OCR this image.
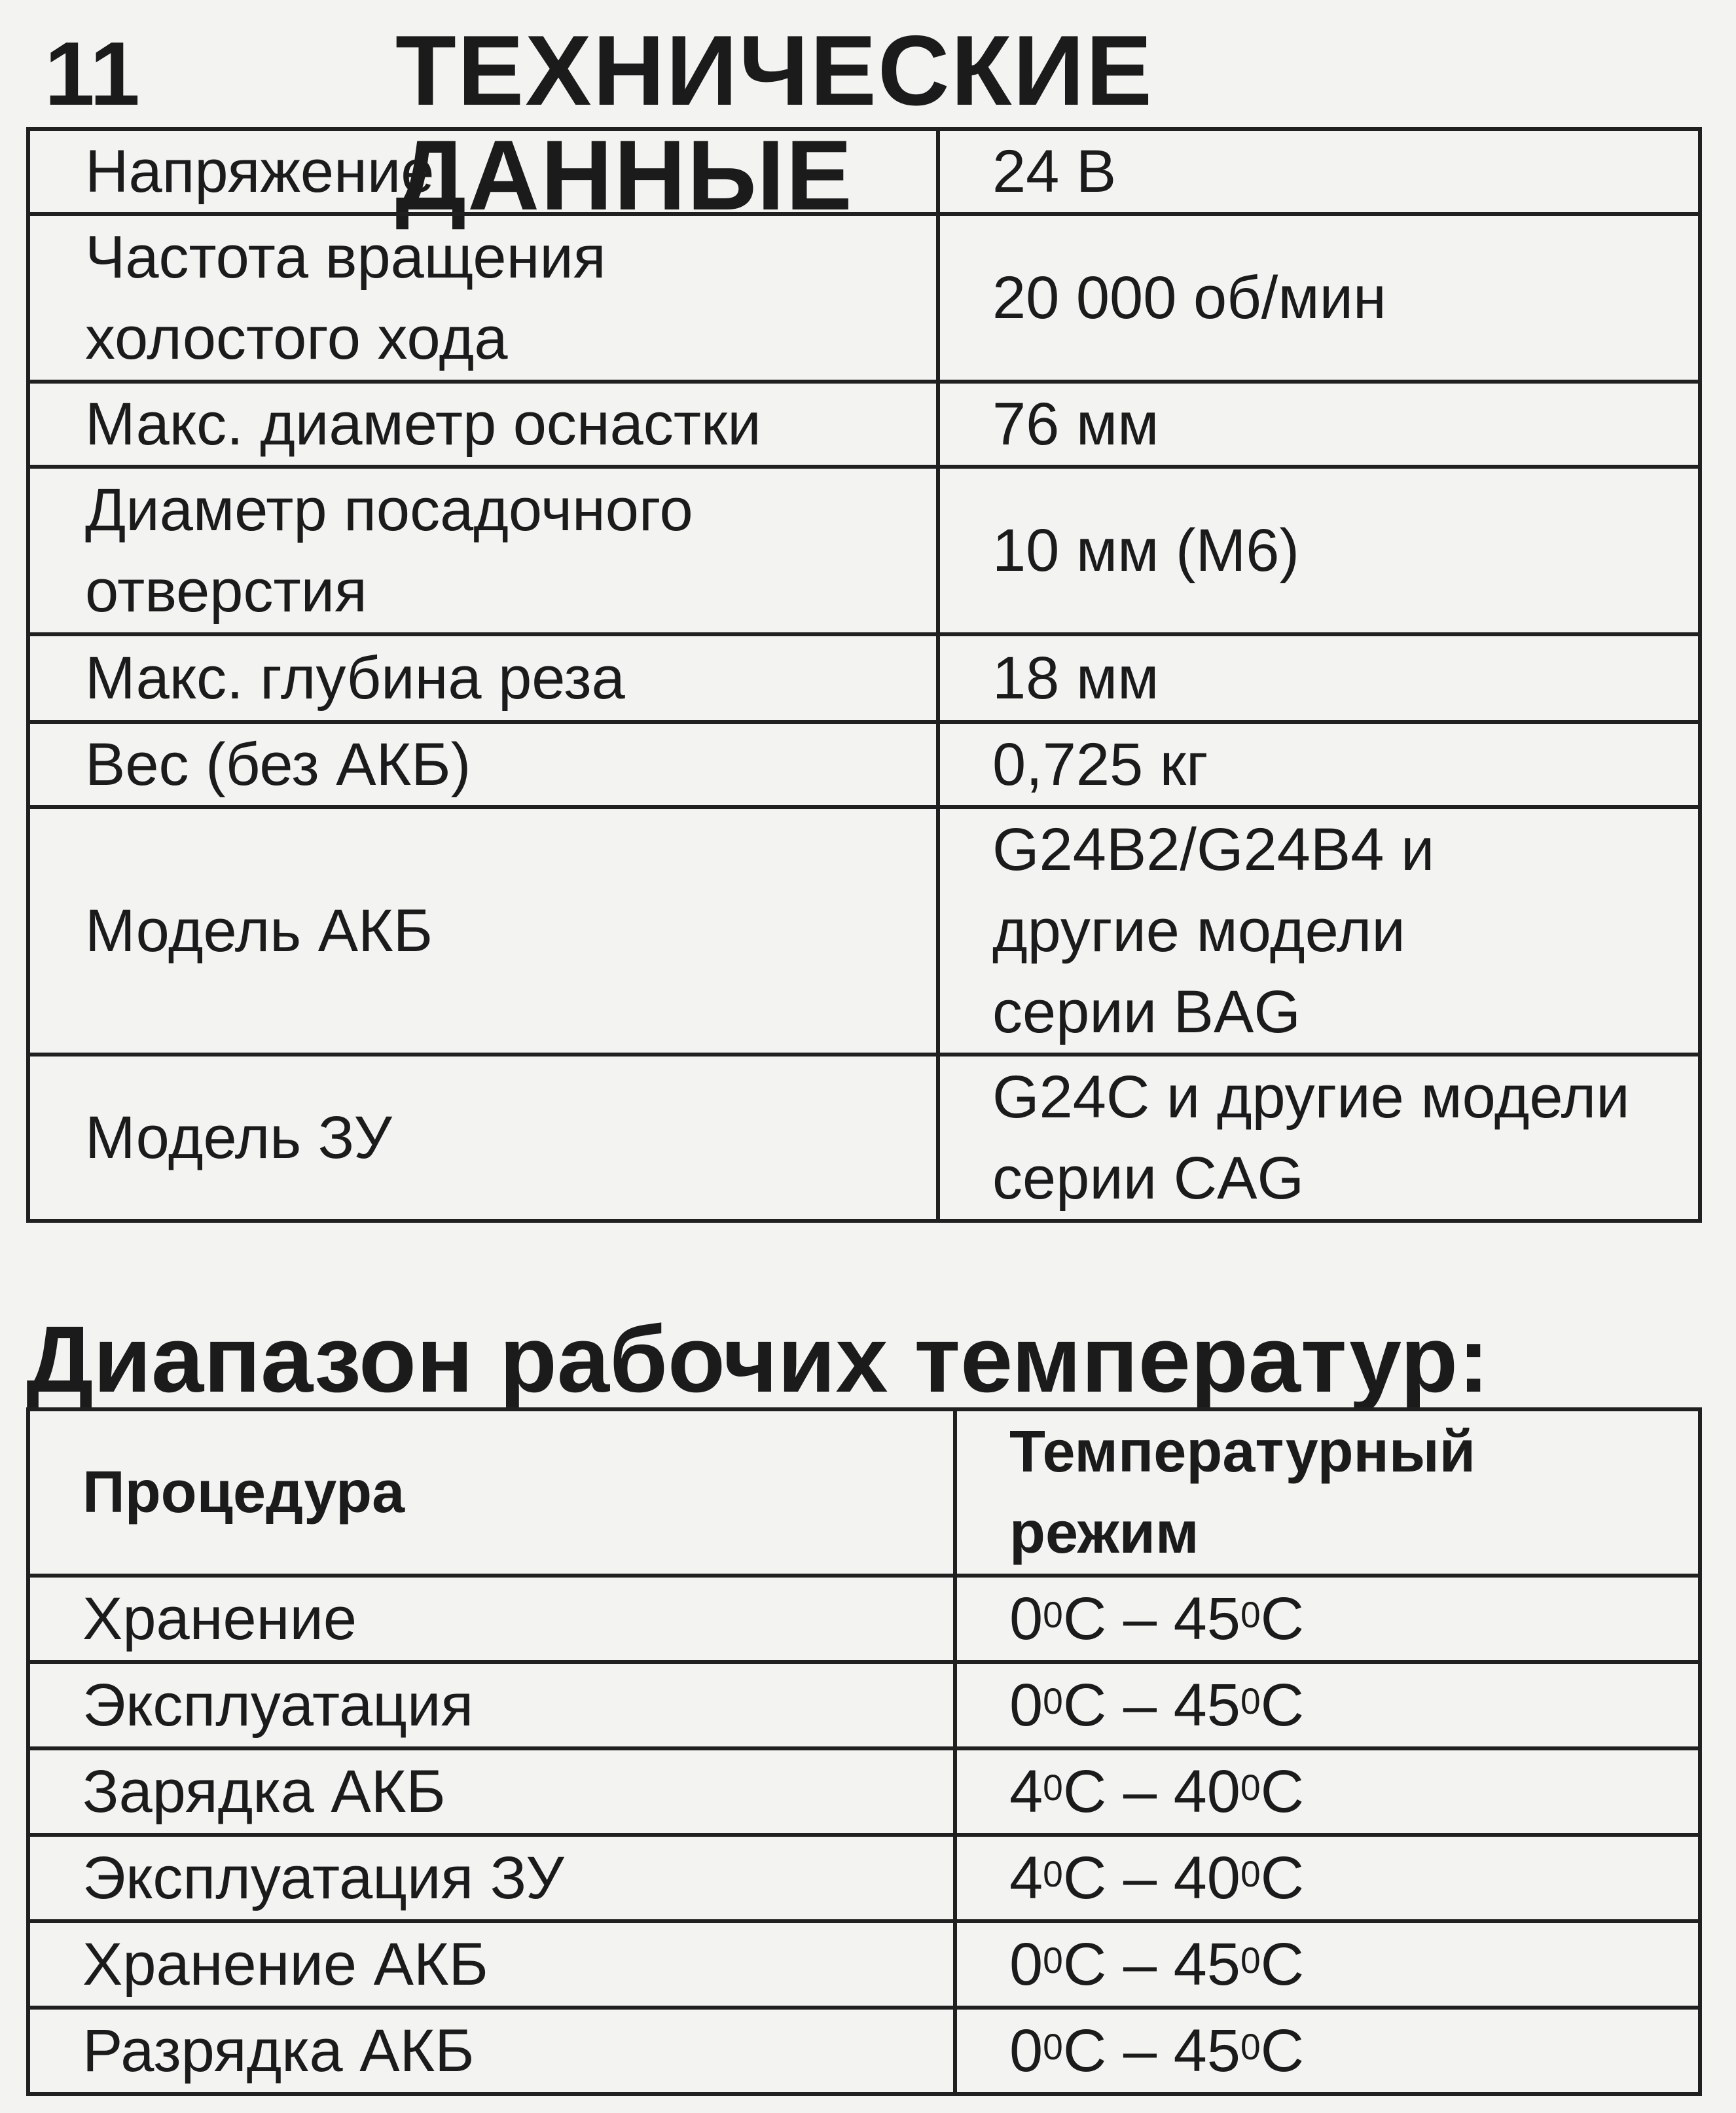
11	ТЕХНИЧЕСКИЕ ДАННЫЕ
Напряжение	24 В
Частота вращения холостого хода	20 000 об/мин
Макс. диаметр оснастки	76 мм
Диаметр посадочного отверстия	10 мм (М6)
Макс. глубина реза	18 мм
Вес (без АКБ)	0,725 кг
Модель АКБ	G24B2/G24B4 и другие модели серии BAG
Модель ЗУ	G24C и другие модели серии CAG
Диапазон рабочих температур:
Процедура	Температурный режим
Хранение	$0^0C - 45^0C$
Эксплуатация	$0^0C - 45^0C$
Зарядка АКБ	$4^0C - 40^0C$
Эксплуатация ЗУ	$4^0C - 40^0C$
Хранение АКБ	$0^0C - 45^0C$
Разрядка АКБ	$0^0C - 45^0C$
